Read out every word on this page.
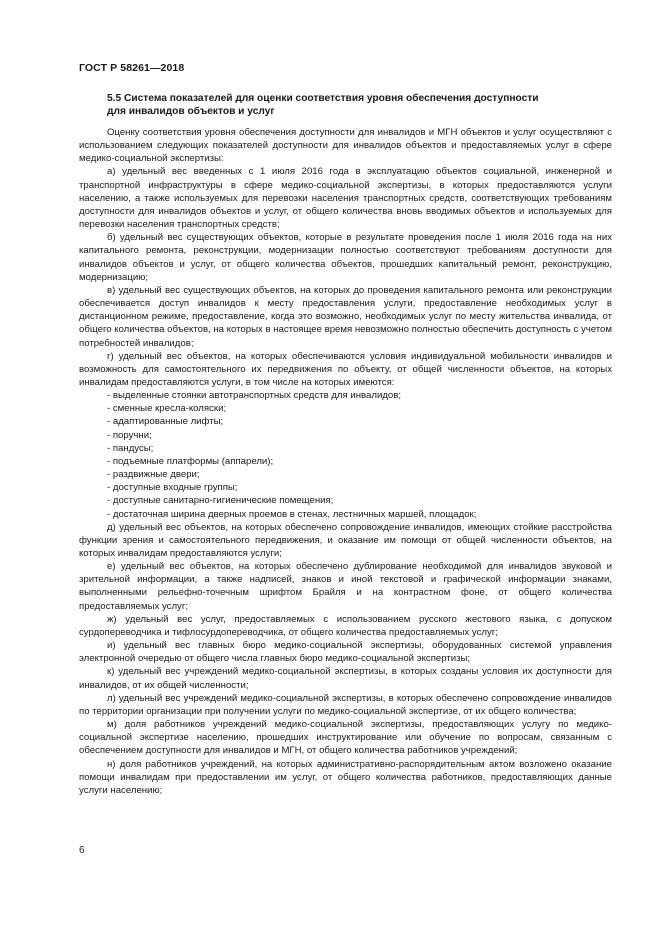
ГОСТ Р 58261—2018
5.5 Система показателей для оценки соответствия уровня обеспечения доступности
для инвалидов объектов и услуг

Оценку соответствия уровня обеспечения доступности для инвалидов и МГН объектов и услуг осуществляют с использованием следующих показателей доступности для инвалидов объектов и предоставляемых услуг в сфере медико-социальной экспертизы:

а) удельный вес введенных с 1 июля 2016 года в эксплуатацию объектов социальной, инженерной и транспортной инфраструктуры в сфере медико-социальной экспертизы, в которых предоставляются услуги населению, а также используемых для перевозки населения транспортных средств, соответствующих требованиям доступности для инвалидов объектов и услуг, от общего количества вновь вводимых объектов и используемых для перевозки населения транспортных средств;

б) удельный вес существующих объектов, которые в результате проведения после 1 июля 2016 года на них капитального ремонта, реконструкции, модернизации полностью соответствуют требованиям доступности для инвалидов объектов и услуг, от общего количества объектов, прошедших капитальный ремонт, реконструкцию, модернизацию;

в) удельный вес существующих объектов, на которых до проведения капитального ремонта или реконструкции обеспечивается доступ инвалидов к месту предоставления услуги, предоставление необходимых услуг в дистанционном режиме, предоставление, когда это возможно, необходимых услуг по месту жительства инвалида, от общего количества объектов, на которых в настоящее время невозможно полностью обеспечить доступность с учетом потребностей инвалидов;

г) удельный вес объектов, на которых обеспечиваются условия индивидуальной мобильности инвалидов и возможность для самостоятельного их передвижения по объекту, от общей численности объектов, на которых инвалидам предоставляются услуги, в том числе на которых имеются:

- выделенные стоянки автотранспортных средств для инвалидов;

- сменные кресла-коляски;

- адаптированные лифты;

- поручни;

- пандусы;

- подъемные платформы (аппарели);

- раздвижные двери;

- доступные входные группы;

- доступные санитарно-гигиенические помещения;

- достаточная ширина дверных проемов в стенах, лестничных маршей, площадок;

д) удельный вес объектов, на которых обеспечено сопровождение инвалидов, имеющих стойкие расстройства функции зрения и самостоятельного передвижения, и оказание им помощи от общей численности объектов, на которых инвалидам предоставляются услуги;

е) удельный вес объектов, на которых обеспечено дублирование необходимой для инвалидов звуковой и зрительной информации, а также надписей, знаков и иной текстовой и графической информации знаками, выполненными рельефно-точечным шрифтом Брайля и на контрастном фоне, от общего количества предоставляемых услуг;

ж) удельный вес услуг, предоставляемых с использованием русского жестового языка, с допуском сурдопереводчика и тифлосурдопереводчика, от общего количества предоставляемых услуг;

и) удельный вес главных бюро медико-социальной экспертизы, оборудованных системой управления электронной очередью от общего числа главных бюро медико-социальной экспертизы;

к) удельный вес учреждений медико-социальной экспертизы, в которых созданы условия их доступности для инвалидов, от их общей численности;

л) удельный вес учреждений медико-социальной экспертизы, в которых обеспечено сопровождение инвалидов по территории организации при получении услуги по медико-социальной экспертизе, от их общего количества;

м) доля работников учреждений медико-социальной экспертизы, предоставляющих услугу по медико-социальной экспертизе населению, прошедших инструктирование или обучение по вопросам, связанным с обеспечением доступности для инвалидов и МГН, от общего количества работников учреждений;

н) доля работников учреждений, на которых административно-распорядительным актом возложено оказание помощи инвалидам при предоставлении им услуг, от общего количества работников, предоставляющих данные услуги населению;

6
